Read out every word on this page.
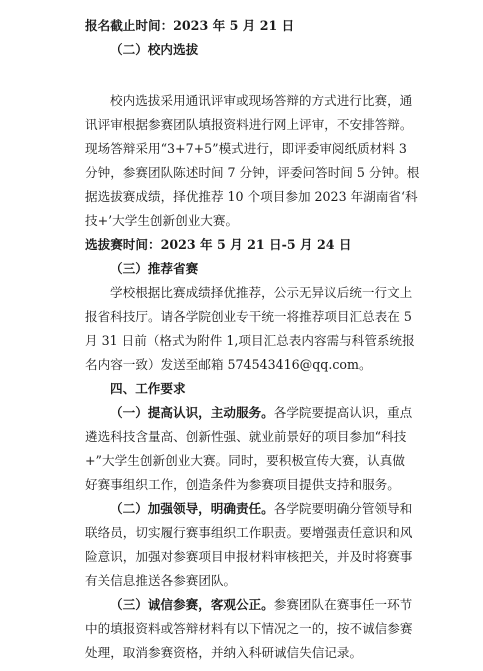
报名截止时间：2023 年 5 月 21 日
（二）校内选拔
校内选拔采用通讯评审或现场答辩的方式进行比赛，通
讯评审根据参赛团队填报资料进行网上评审，不安排答辩。
现场答辩采用“3+7+5”模式进行，即评委审阅纸质材料 3
分钟，参赛团队陈述时间 7 分钟，评委问答时间 5 分钟。根
据选拔赛成绩，择优推荐 10 个项目参加 2023 年湖南省‘科
技+’大学生创新创业大赛。
选拔赛时间：2023 年 5 月 21 日-5 月 24 日
（三）推荐省赛
学校根据比赛成绩择优推荐，公示无异议后统一行文上
报省科技厅。请各学院创业专干统一将推荐项目汇总表在 5
月 31 日前（格式为附件 1,项目汇总表内容需与科管系统报
名内容一致）发送至邮箱 574543416@qq.com。
四、工作要求
（一）提高认识，主动服务。各学院要提高认识，重点
遴选科技含量高、创新性强、就业前景好的项目参加“科技
+”大学生创新创业大赛。同时，要积极宣传大赛，认真做
好赛事组织工作，创造条件为参赛项目提供支持和服务。
（二）加强领导，明确责任。各学院要明确分管领导和
联络员，切实履行赛事组织工作职责。要增强责任意识和风
险意识，加强对参赛项目申报材料审核把关，并及时将赛事
有关信息推送各参赛团队。
（三）诚信参赛，客观公正。参赛团队在赛事任一环节
中的填报资料或答辩材料有以下情况之一的，按不诚信参赛
处理，取消参赛资格，并纳入科研诚信失信记录。
